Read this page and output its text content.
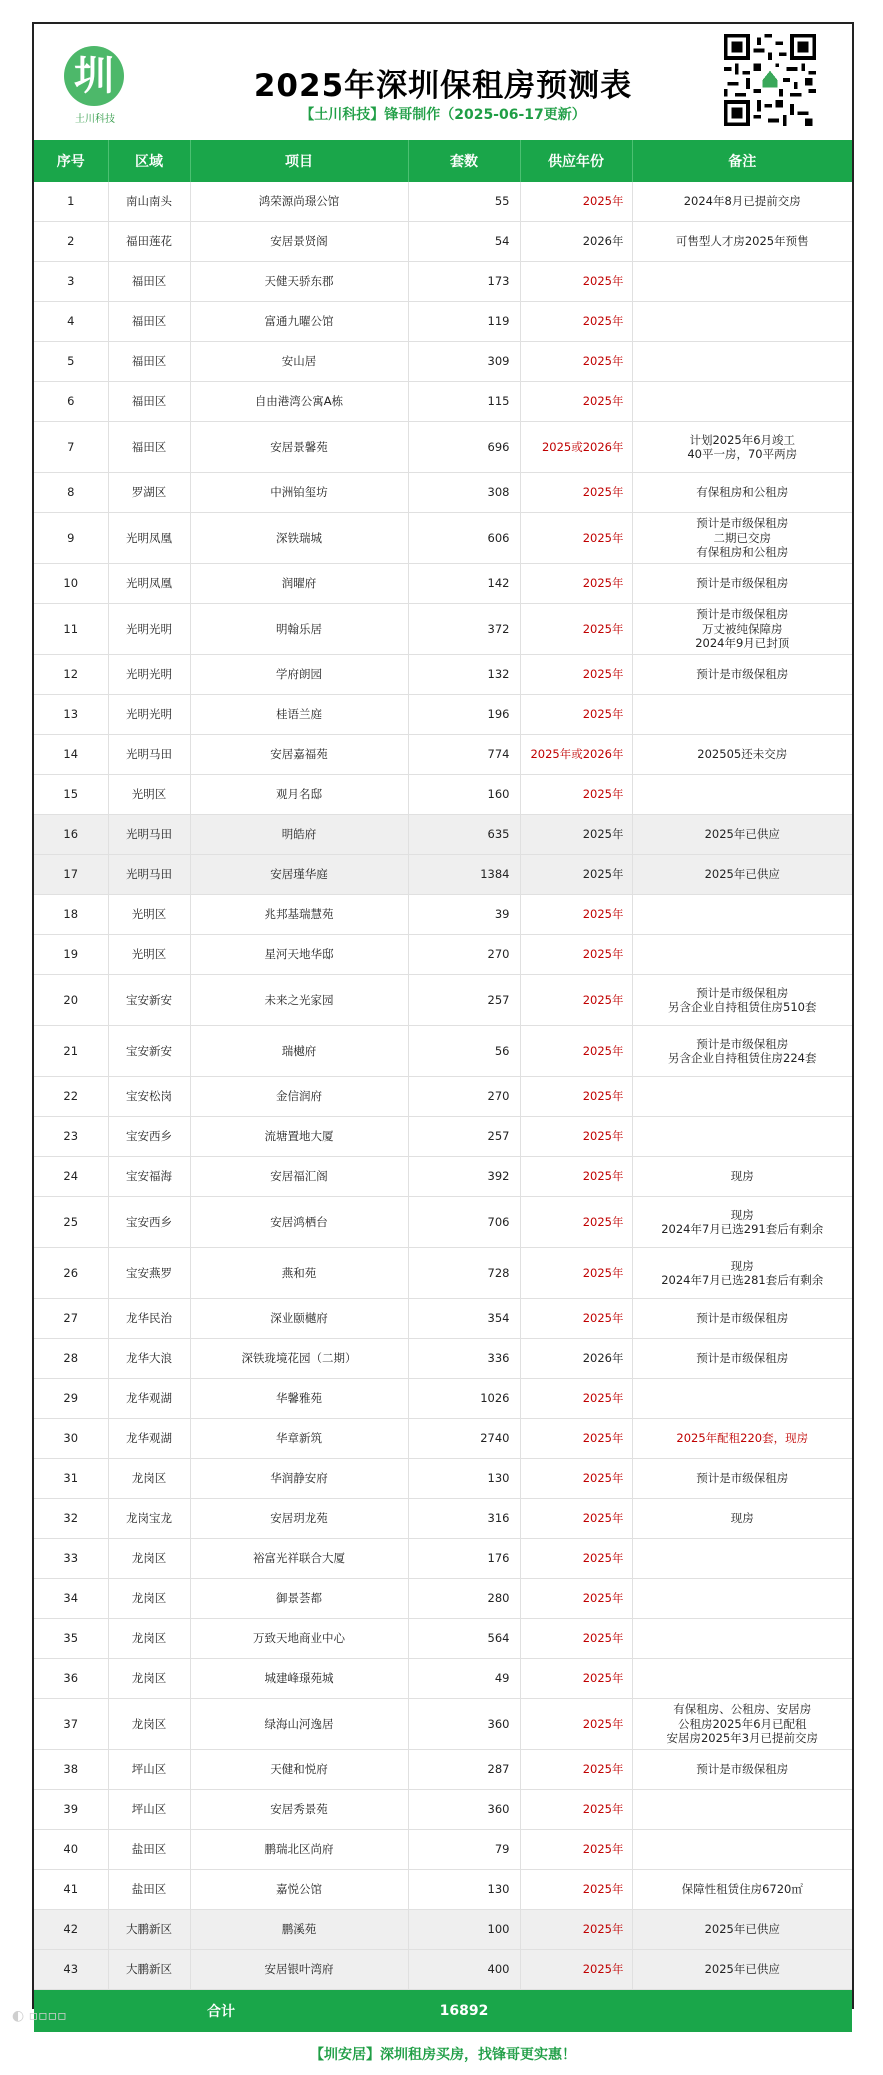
圳
土川科技
2025年深圳保租房预测表
【土川科技】锋哥制作（2025-06-17更新）
序号	区域	项目	套数	供应年份	备注
1	南山南头	鸿荣源尚璟公馆	55	2025年	2024年8月已提前交房

2	福田莲花	安居景贤阁	54	2026年	可售型人才房2025年预售

3	福田区	天健天骄东郡	173	2025年	
4	福田区	富通九曜公馆	119	2025年	
5	福田区	安山居	309	2025年	
6	福田区	自由港湾公寓A栋	115	2025年	
7	福田区	安居景馨苑	696	2025或2026年	计划2025年6月竣工
40平一房，70平两房

8	罗湖区	中洲铂玺坊	308	2025年	有保租房和公租房

9	光明凤凰	深铁瑞城	606	2025年	预计是市级保租房
二期已交房
有保租房和公租房

10	光明凤凰	润曜府	142	2025年	预计是市级保租房

11	光明光明	明翰乐居	372	2025年	预计是市级保租房
万丈被纯保障房
2024年9月已封顶

12	光明光明	学府朗园	132	2025年	预计是市级保租房

13	光明光明	桂语兰庭	196	2025年	
14	光明马田	安居嘉福苑	774	2025年或2026年	202505还未交房

15	光明区	观月名邸	160	2025年	
16	光明马田	明皓府	635	2025年	2025年已供应

17	光明马田	安居瑾华庭	1384	2025年	2025年已供应

18	光明区	兆邦基瑞慧苑	39	2025年	
19	光明区	星河天地华邸	270	2025年	
20	宝安新安	未来之光家园	257	2025年	预计是市级保租房
另含企业自持租赁住房510套

21	宝安新安	瑞樾府	56	2025年	预计是市级保租房
另含企业自持租赁住房224套

22	宝安松岗	金信润府	270	2025年	
23	宝安西乡	流塘置地大厦	257	2025年	
24	宝安福海	安居福汇阁	392	2025年	现房

25	宝安西乡	安居鸿栖台	706	2025年	现房
2024年7月已选291套后有剩余

26	宝安燕罗	燕和苑	728	2025年	现房
2024年7月已选281套后有剩余

27	龙华民治	深业颐樾府	354	2025年	预计是市级保租房

28	龙华大浪	深铁珑境花园（二期）	336	2026年	预计是市级保租房

29	龙华观湖	华馨雅苑	1026	2025年	
30	龙华观湖	华章新筑	2740	2025年	2025年配租220套，现房

31	龙岗区	华润静安府	130	2025年	预计是市级保租房

32	龙岗宝龙	安居玥龙苑	316	2025年	现房

33	龙岗区	裕富光祥联合大厦	176	2025年	
34	龙岗区	御景荟都	280	2025年	
35	龙岗区	万致天地商业中心	564	2025年	
36	龙岗区	城建峰璟苑城	49	2025年	
37	龙岗区	绿海山河逸居	360	2025年	有保租房、公租房、安居房
公租房2025年6月已配租
安居房2025年3月已提前交房

38	坪山区	天健和悦府	287	2025年	预计是市级保租房

39	坪山区	安居秀景苑	360	2025年	
40	盐田区	鹏瑞北区尚府	79	2025年	
41	盐田区	嘉悦公馆	130	2025年	保障性租赁住房6720㎡

42	大鹏新区	鹏溪苑	100	2025年	2025年已供应

43	大鹏新区	安居银叶湾府	400	2025年	2025年已供应

合计			16892		
【圳安居】深圳租房买房，找锋哥更实惠！
◐ ▫▫▫▫
